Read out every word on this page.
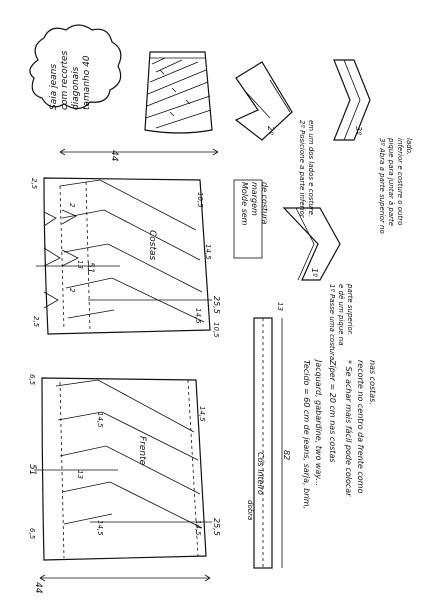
Saia jeans com recortes diagonais tamanho 40
44
Costas
13
2,5
2,5
2
2
10,5
14,5
14,5
10,5
51
25,5
Molde sem margem de costura
1º
1º Passe uma costura e dê um pique na parte superior.
2º	2º Posicione a parte inferior em um dos lados e costure.	3º
3º Abra a parte superior no pique para juntar à parte inferior e costure o outro lado.
Frente
13
6,5
6,5
14,5
14,5
14,5
14,5
51
25,5
44
dobra
Cós inteiro
13
82 Tecido = 60 cm de jeans, sarja, brim, Jacquard, gabardine, two way... Zíper = 20 cm nas costas * Se achar mais fácil pode colocar recorte no centro da frente como nas costas.
